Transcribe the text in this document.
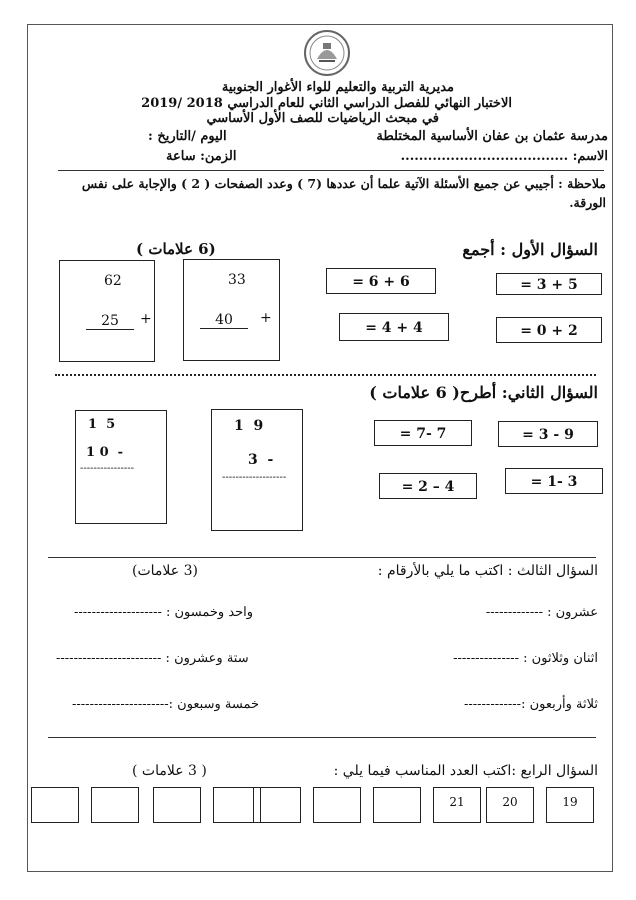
مديرية التربية والتعليم للواء الأغوار الجنوبية
الاختبار النهائي للفصل الدراسي الثاني للعام الدراسي 2018 /2019
في مبحث الرياضيات للصف الأول الأساسي
مدرسة عثمان بن عفان الأساسية المختلطة
اليوم /التاريخ :
الاسم: .....................................
الزمن: ساعة
ملاحظة : أجيبي عن جميع الأسئلة الآتية علما أن عددها (7 ) وعدد الصفحات ( 2 ) والإجابة على نفس
الورقة.
السؤال الأول : أجمع
(6 علامات )
= 3 + 5
= 6 + 6
= 0 + 2
= 4 + 4
33
40	+
62
25	+
السؤال الثاني: أطرح( 6 علامات )
= 3 - 9
= 7- 7
= 1- 3
= 2 – 4
1  9
3  -
-------------------
1  5
1 0  -
----------------
السؤال الثالث : اكتب ما يلي بالأرقام :
(3 علامات)
عشرون : -------------
واحد وخمسون : --------------------
اثنان وثلاثون : ---------------
ستة وعشرون : ------------------------
ثلاثة وأربعون :-------------
خمسة وسبعون :----------------------
السؤال الرابع :اكتب العدد المناسب فيما يلي :
( 3 علامات )
19
20
21
